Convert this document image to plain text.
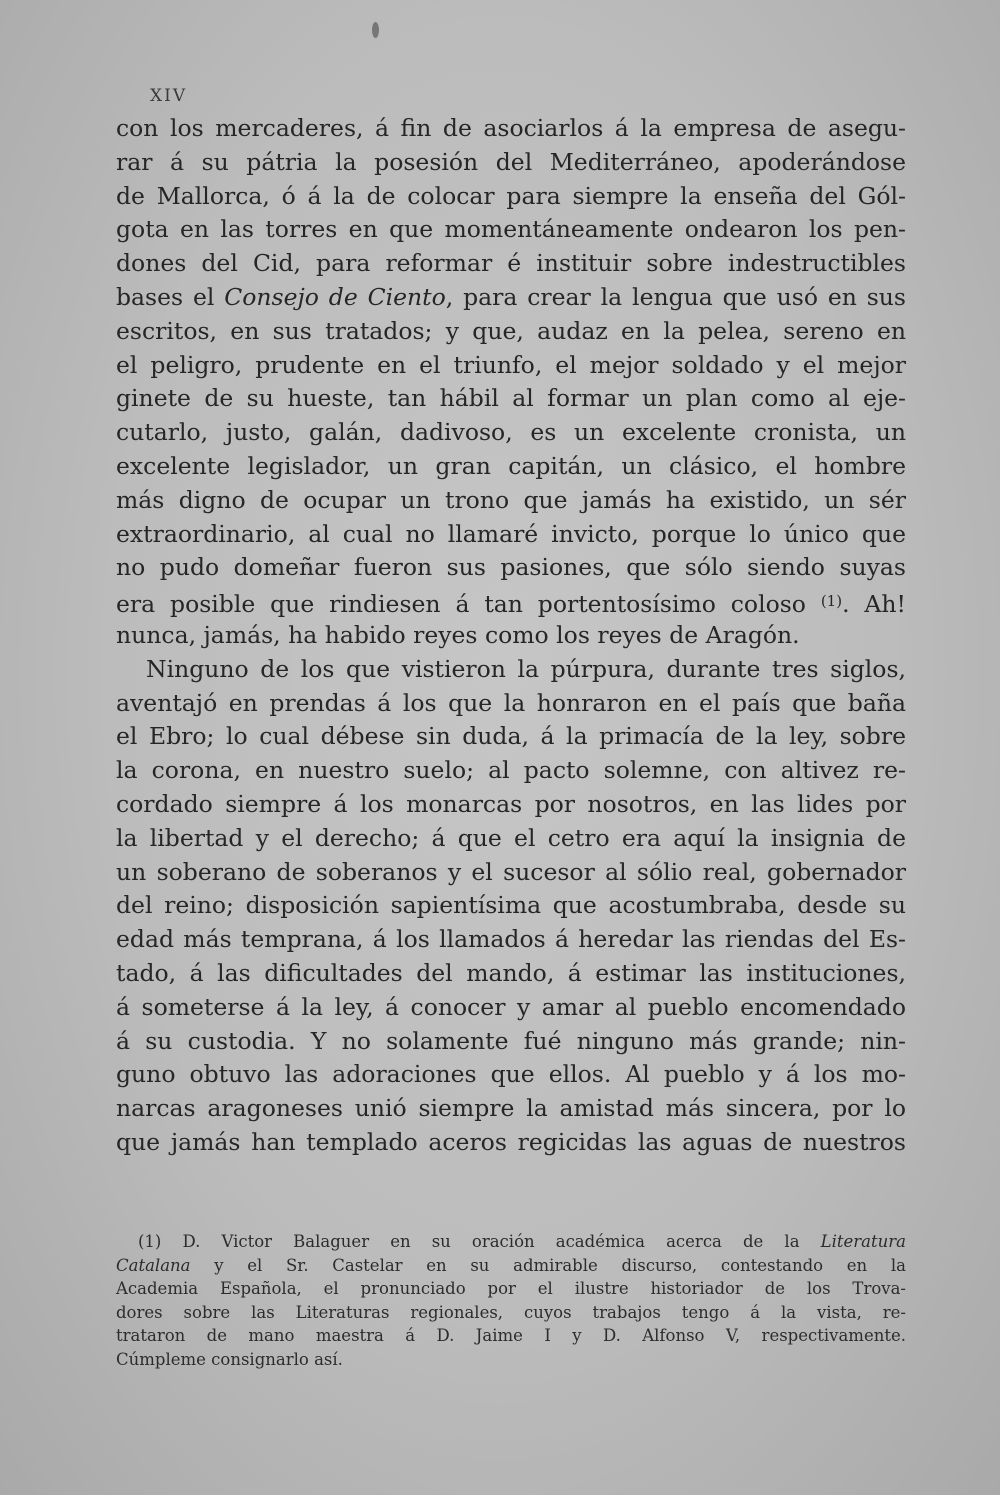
XIV
con los mercaderes, á fin de asociarlos á la empresa de asegu-
rar á su pátria la posesión del Mediterráneo, apoderándose
de Mallorca, ó á la de colocar para siempre la enseña del Gól-
gota en las torres en que momentáneamente ondearon los pen-
dones del Cid, para reformar é instituir sobre indestructibles
bases el Consejo de Ciento, para crear la lengua que usó en sus
escritos, en sus tratados; y que, audaz en la pelea, sereno en
el peligro, prudente en el triunfo, el mejor soldado y el mejor
ginete de su hueste, tan hábil al formar un plan como al eje-
cutarlo, justo, galán, dadivoso, es un excelente cronista, un
excelente legislador, un gran capitán, un clásico, el hombre
más digno de ocupar un trono que jamás ha existido, un sér
extraordinario, al cual no llamaré invicto, porque lo único que
no pudo domeñar fueron sus pasiones, que sólo siendo suyas
era posible que rindiesen á tan portentosísimo coloso $^{(1)}$. Ah!
nunca, jamás, ha habido reyes como los reyes de Aragón.
Ninguno de los que vistieron la púrpura, durante tres siglos,
aventajó en prendas á los que la honraron en el país que baña
el Ebro; lo cual débese sin duda, á la primacía de la ley, sobre
la corona, en nuestro suelo; al pacto solemne, con altivez re-
cordado siempre á los monarcas por nosotros, en las lides por
la libertad y el derecho; á que el cetro era aquí la insignia de
un soberano de soberanos y el sucesor al sólio real, gobernador
del reino; disposición sapientísima que acostumbraba, desde su
edad más temprana, á los llamados á heredar las riendas del Es-
tado, á las dificultades del mando, á estimar las instituciones,
á someterse á la ley, á conocer y amar al pueblo encomendado
á su custodia. Y no solamente fué ninguno más grande; nin-
guno obtuvo las adoraciones que ellos. Al pueblo y á los mo-
narcas aragoneses unió siempre la amistad más sincera, por lo
que jamás han templado aceros regicidas las aguas de nuestros
(1) D. Victor Balaguer en su oración académica acerca de la Literatura
Catalana y el Sr. Castelar en su admirable discurso, contestando en la
Academia Española, el pronunciado por el ilustre historiador de los Trova-
dores sobre las Literaturas regionales, cuyos trabajos tengo á la vista, re-
trataron de mano maestra á D. Jaime I y D. Alfonso V, respectivamente.
Cúmpleme consignarlo así.
